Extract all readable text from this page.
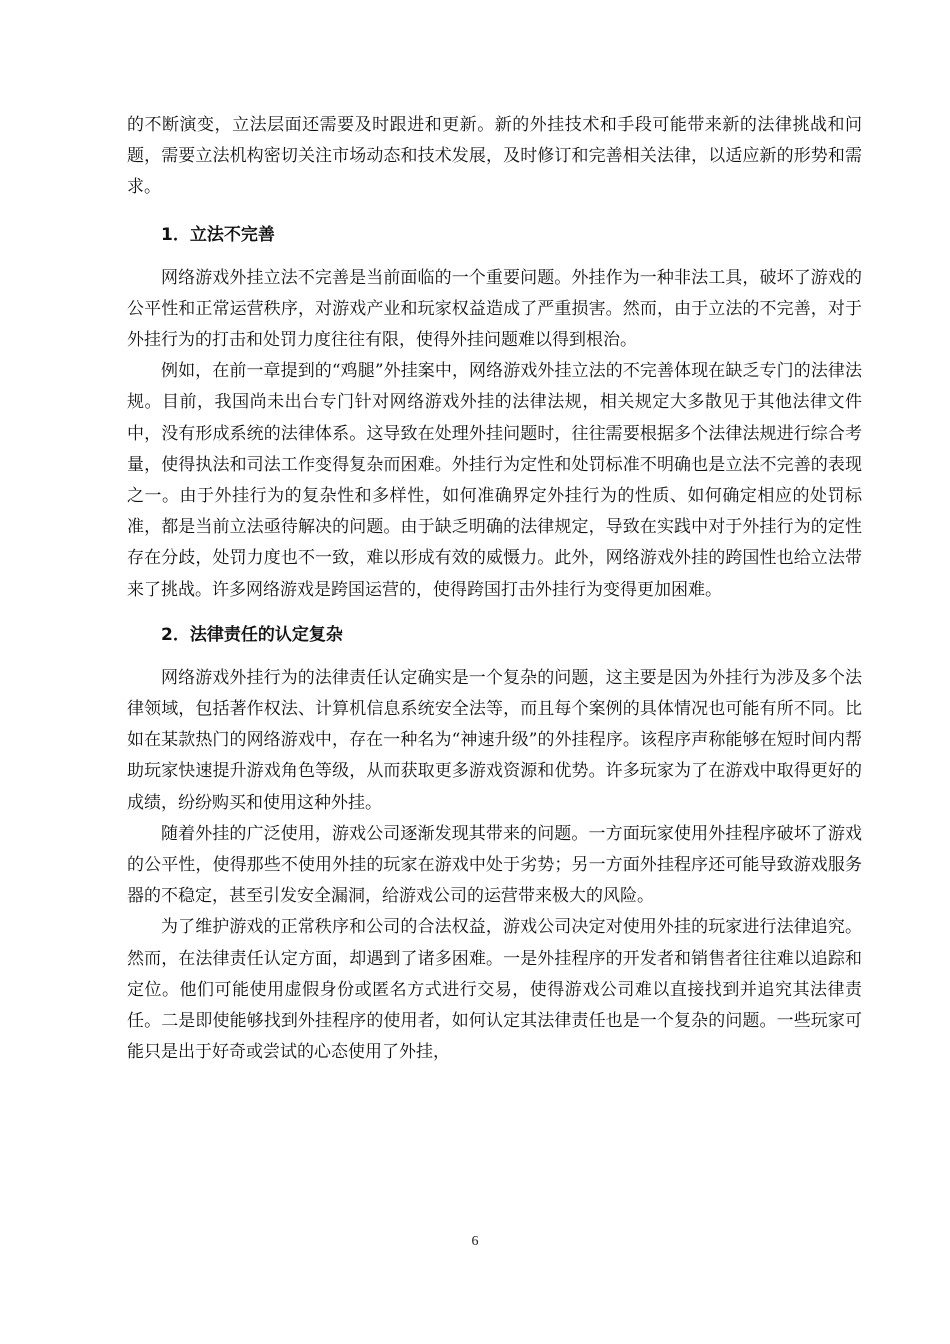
的不断演变，立法层面还需要及时跟进和更新。新的外挂技术和手段可能带来新的法律挑战和问题，需要立法机构密切关注市场动态和技术发展，及时修订和完善相关法律，以适应新的形势和需求。

1．立法不完善

网络游戏外挂立法不完善是当前面临的一个重要问题。外挂作为一种非法工具，破坏了游戏的公平性和正常运营秩序，对游戏产业和玩家权益造成了严重损害。然而，由于立法的不完善，对于外挂行为的打击和处罚力度往往有限，使得外挂问题难以得到根治。

例如，在前一章提到的“鸡腿”外挂案中，网络游戏外挂立法的不完善体现在缺乏专门的法律法规。目前，我国尚未出台专门针对网络游戏外挂的法律法规，相关规定大多散见于其他法律文件中，没有形成系统的法律体系。这导致在处理外挂问题时，往往需要根据多个法律法规进行综合考量，使得执法和司法工作变得复杂而困难。外挂行为定性和处罚标准不明确也是立法不完善的表现之一。由于外挂行为的复杂性和多样性，如何准确界定外挂行为的性质、如何确定相应的处罚标准，都是当前立法亟待解决的问题。由于缺乏明确的法律规定，导致在实践中对于外挂行为的定性存在分歧，处罚力度也不一致，难以形成有效的威慑力。此外，网络游戏外挂的跨国性也给立法带来了挑战。许多网络游戏是跨国运营的，使得跨国打击外挂行为变得更加困难。

2．法律责任的认定复杂

网络游戏外挂行为的法律责任认定确实是一个复杂的问题，这主要是因为外挂行为涉及多个法律领域，包括著作权法、计算机信息系统安全法等，而且每个案例的具体情况也可能有所不同。比如在某款热门的网络游戏中，存在一种名为“神速升级”的外挂程序。该程序声称能够在短时间内帮助玩家快速提升游戏角色等级，从而获取更多游戏资源和优势。许多玩家为了在游戏中取得更好的成绩，纷纷购买和使用这种外挂。

随着外挂的广泛使用，游戏公司逐渐发现其带来的问题。一方面玩家使用外挂程序破坏了游戏的公平性，使得那些不使用外挂的玩家在游戏中处于劣势；另一方面外挂程序还可能导致游戏服务器的不稳定，甚至引发安全漏洞，给游戏公司的运营带来极大的风险。

为了维护游戏的正常秩序和公司的合法权益，游戏公司决定对使用外挂的玩家进行法律追究。然而，在法律责任认定方面，却遇到了诸多困难。一是外挂程序的开发者和销售者往往难以追踪和定位。他们可能使用虚假身份或匿名方式进行交易，使得游戏公司难以直接找到并追究其法律责任。二是即使能够找到外挂程序的使用者，如何认定其法律责任也是一个复杂的问题。一些玩家可能只是出于好奇或尝试的心态使用了外挂，

6
